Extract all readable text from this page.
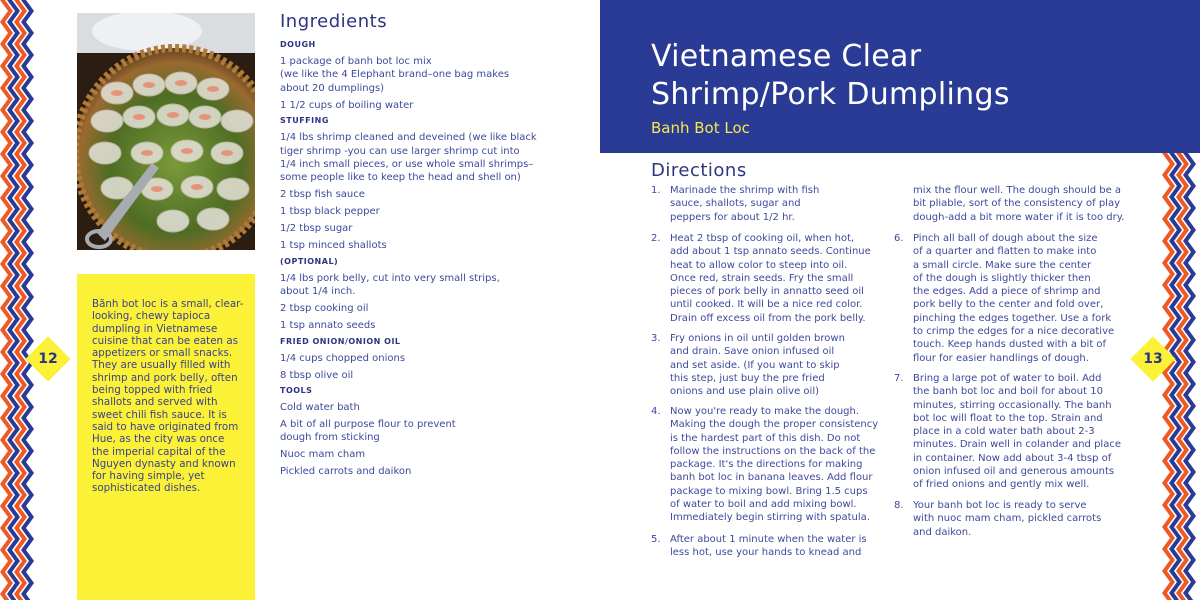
Bãnh bot loc is a small, clear-looking, chewy tapioca dumpling in Vietnamese cuisine that can be eaten as appetizers or small snacks. They are usually filled with shrimp and pork belly, often being topped with fried shallots and served with sweet chili fish sauce. It is said to have originated from Hue, as the city was once the imperial capital of the Nguyen dynasty and known for having simple, yet sophisticated dishes.

12	13
Ingredients
DOUGH
1 package of banh bot loc mix
(we like the 4 Elephant brand–one bag makes
about 20 dumplings)
1 1/2 cups of boiling water
STUFFING
1/4 lbs shrimp cleaned and deveined (we like black
tiger shrimp -you can use larger shrimp cut into
1/4 inch small pieces, or use whole small shrimps–
some people like to keep the head and shell on)
2 tbsp fish sauce
1 tbsp black pepper
1/2 tbsp sugar
1 tsp minced shallots
(OPTIONAL)
1/4 lbs pork belly, cut into very small strips,
about 1/4 inch.
2 tbsp cooking oil
1 tsp annato seeds
FRIED ONION/ONION OIL
1/4 cups chopped onions
8 tbsp olive oil
TOOLS
Cold water bath
A bit of all purpose flour to prevent
dough from sticking
Nuoc mam cham
Pickled carrots and daikon
Vietnamese Clear
Shrimp/Pork Dumplings
Banh Bot Loc
Directions
1. Marinade the shrimp with fish
sauce, shallots, sugar and
peppers for about 1/2 hr.
2. Heat 2 tbsp of cooking oil, when hot,
add about 1 tsp annato seeds. Continue
heat to allow color to steep into oil.
Once red, strain seeds. Fry the small
pieces of pork belly in annatto seed oil
until cooked. It will be a nice red color.
Drain off excess oil from the pork belly.
3. Fry onions in oil until golden brown
and drain. Save onion infused oil
and set aside. (If you want to skip
this step, just buy the pre fried
onions and use plain olive oil)
4. Now you're ready to make the dough.
Making the dough the proper consistency
is the hardest part of this dish. Do not
follow the instructions on the back of the
package. It's the directions for making
banh bot loc in banana leaves. Add flour
package to mixing bowl. Bring 1.5 cups
of water to boil and add mixing bowl.
Immediately begin stirring with spatula.
5. After about 1 minute when the water is
less hot, use your hands to knead and
mix the flour well. The dough should be a
bit pliable, sort of the consistency of play
dough-add a bit more water if it is too dry.
6. Pinch all ball of dough about the size
of a quarter and flatten to make into
a small circle. Make sure the center
of the dough is slightly thicker then
the edges. Add a piece of shrimp and
pork belly to the center and fold over,
pinching the edges together. Use a fork
to crimp the edges for a nice decorative
touch. Keep hands dusted with a bit of
flour for easier handlings of dough.
7. Bring a large pot of water to boil. Add
the banh bot loc and boil for about 10
minutes, stirring occasionally. The banh
bot loc will float to the top. Strain and
place in a cold water bath about 2-3
minutes. Drain well in colander and place
in container. Now add about 3-4 tbsp of
onion infused oil and generous amounts
of fried onions and gently mix well.
8. Your banh bot loc is ready to serve
with nuoc mam cham, pickled carrots
and daikon.
